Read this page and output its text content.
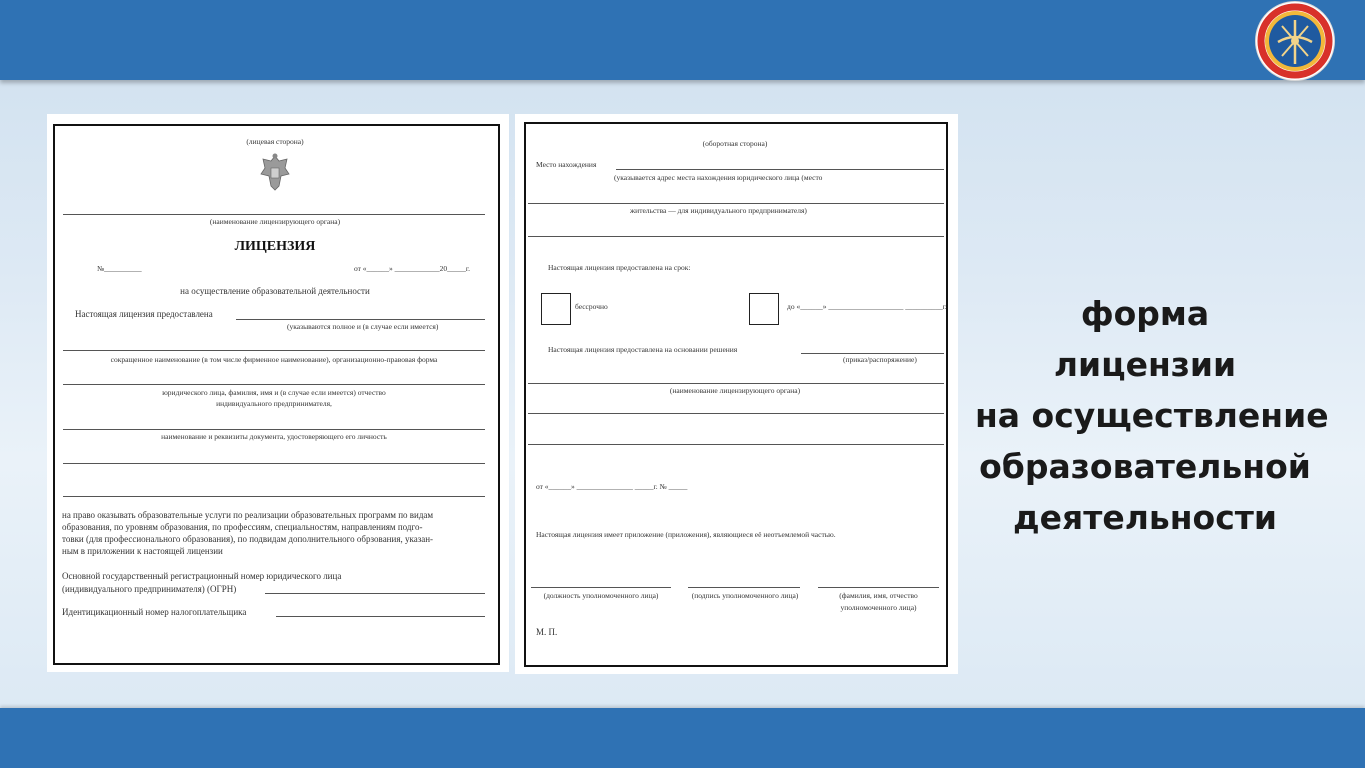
(лицевая сторона)
(наименование лицензирующего органа)
ЛИЦЕНЗИЯ
№__________	от «______» ____________20_____г.
на осуществление образовательной деятельности
Настоящая лицензия предоставлена
(указываются полное и (в случае если имеется)
сокращенное наименование (в том числе фирменное наименование), организационно-правовая форма
юридического лица, фамилия, имя и (в случае если имеется) отчество
индивидуального предпринимателя,
наименование и реквизиты документа, удостоверяющего его личность
на право оказывать образовательные услуги по реализации образовательных программ по видам
образования, по уровням образования, по профессиям, специальностям, направлениям подго-
товки (для профессионального образования), по подвидам дополнительного обрзования, указан-
ным в приложении к настоящей лицензии
Основной государственный регистрационный номер юридического лица
(индивидуального предпринимателя) (ОГРН)
Идентицикационный номер налогоплательщика
(оборотная сторона)
Место нахождения
(указывается адрес места нахождения юридического лица (место
жительства — для индивидуального предпринимателя)
Настоящая лицензия предоставлена на срок:
бессрочно	до «______» ____________________ __________г.
Настоящая лицензия предоставлена на основании решения
(приказ/распоряжение)
(наименование лицензирующего органа)
от «______» _______________ _____г. № _____
Настоящая лицензия имеет приложение (приложения), являющиеся её неотъемлемой частью.
(должность уполномоченного лица)	(подпись уполномоченного лица)	(фамилия, имя, отчество
уполномоченного лица)
М. П.
форма
лицензии
на осуществление
образовательной
деятельности
